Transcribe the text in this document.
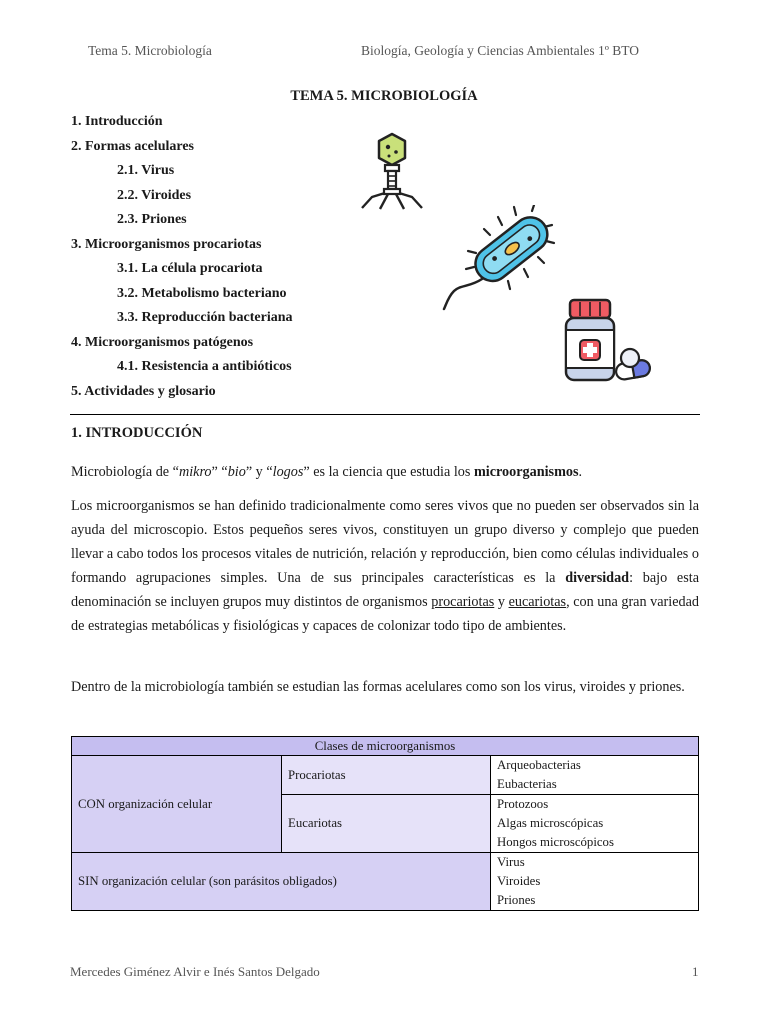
Tema 5. Microbiología	Biología, Geología y Ciencias Ambientales 1º BTO
TEMA 5. MICROBIOLOGÍA
1. Introducción
2. Formas acelulares
2.1. Virus
2.2. Viroides
2.3. Priones
3. Microorganismos procariotas
3.1. La célula procariota
3.2. Metabolismo bacteriano
3.3. Reproducción bacteriana
4. Microorganismos patógenos
4.1. Resistencia a antibióticos
5. Actividades y glosario
1. INTRODUCCIÓN
Microbiología de “mikro” “bio” y “logos” es la ciencia que estudia los microorganismos.
Los microorganismos se han definido tradicionalmente como seres vivos que no pueden ser observados sin la ayuda del microscopio. Estos pequeños seres vivos, constituyen un grupo diverso y complejo que pueden llevar a cabo todos los procesos vitales de nutrición, relación y reproducción, bien como células individuales o formando agrupaciones simples. Una de sus principales características es la diversidad: bajo esta denominación se incluyen grupos muy distintos de organismos procariotas y eucariotas, con una gran variedad de estrategias metabólicas y fisiológicas y capaces de colonizar todo tipo de ambientes.
Dentro de la microbiología también se estudian las formas acelulares como son los virus, viroides y priones.
Clases de microorganismos		
CON organización celular	Procariotas	Arqueobacterias
Eubacterias

	Eucariotas	Protozoos
Algas microscópicas
Hongos microscópicos

SIN organización celular (son parásitos obligados)		Virus
Viroides
Priones
Mercedes Giménez Alvir e Inés Santos Delgado	1
